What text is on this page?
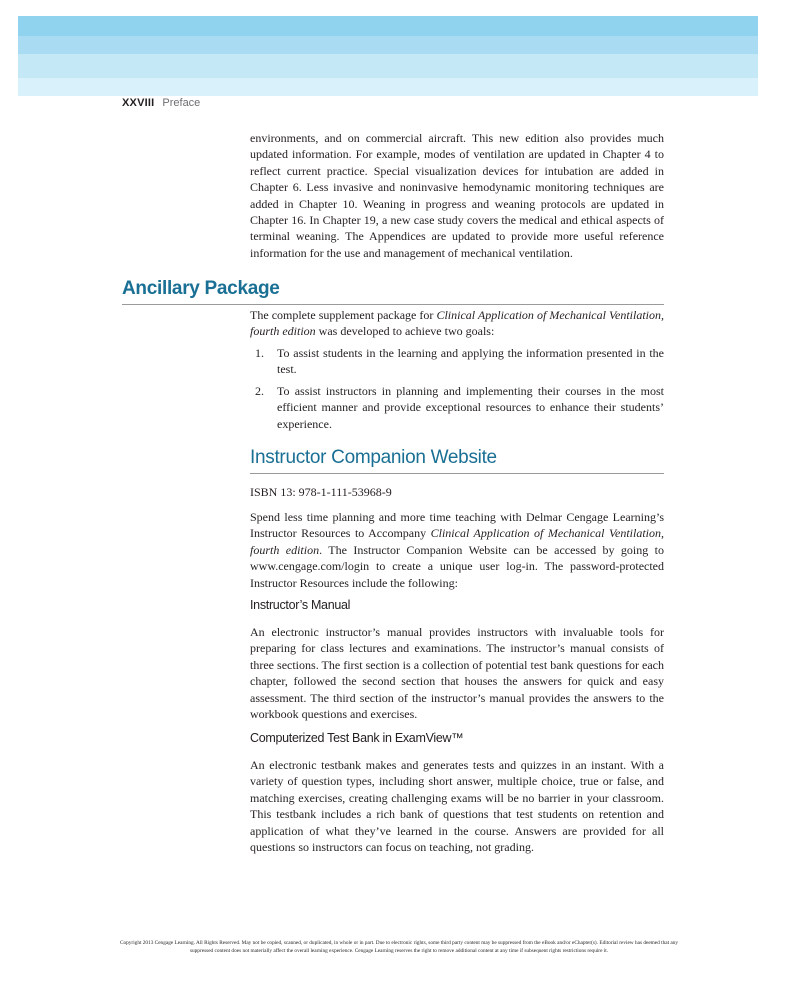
XXVIII Preface

environments, and on commercial aircraft. This new edition also provides much updated information. For example, modes of ventilation are updated in Chapter 4 to reflect current practice. Special visualization devices for intubation are added in Chapter 6. Less invasive and noninvasive hemodynamic monitoring techniques are added in Chapter 10. Weaning in progress and weaning protocols are updated in Chapter 16. In Chapter 19, a new case study covers the medical and ethical aspects of terminal weaning. The Appendices are updated to provide more useful reference information for the use and management of mechanical ventilation.

Ancillary Package

The complete supplement package for Clinical Application of Mechanical Ventilation, fourth edition was developed to achieve two goals:

1.	To assist students in the learning and applying the information presented in the test.
2.	To assist instructors in planning and implementing their courses in the most efficient manner and provide exceptional resources to enhance their students’ experience.
Instructor Companion Website

ISBN 13: 978-1-111-53968-9

Spend less time planning and more time teaching with Delmar Cengage Learning’s Instructor Resources to Accompany Clinical Application of Mechanical Ventilation, fourth edition. The Instructor Companion Website can be accessed by going to www.cengage.com/login to create a unique user log-in. The password-protected Instructor Resources include the following:

Instructor’s Manual

An electronic instructor’s manual provides instructors with invaluable tools for preparing for class lectures and examinations. The instructor’s manual consists of three sections. The first section is a collection of potential test bank questions for each chapter, followed the second section that houses the answers for quick and easy assessment. The third section of the instructor’s manual provides the answers to the workbook questions and exercises.

Computerized Test Bank in ExamView™

An electronic testbank makes and generates tests and quizzes in an instant. With a variety of question types, including short answer, multiple choice, true or false, and matching exercises, creating challenging exams will be no barrier in your classroom. This testbank includes a rich bank of questions that test students on retention and application of what they’ve learned in the course. Answers are provided for all questions so instructors can focus on teaching, not grading.

Copyright 2013 Cengage Learning. All Rights Reserved. May not be copied, scanned, or duplicated, in whole or in part. Due to electronic rights, some third party content may be suppressed from the eBook and/or eChapter(s). Editorial review has deemed that any suppressed content does not materially affect the overall learning experience. Cengage Learning reserves the right to remove additional content at any time if subsequent rights restrictions require it.
